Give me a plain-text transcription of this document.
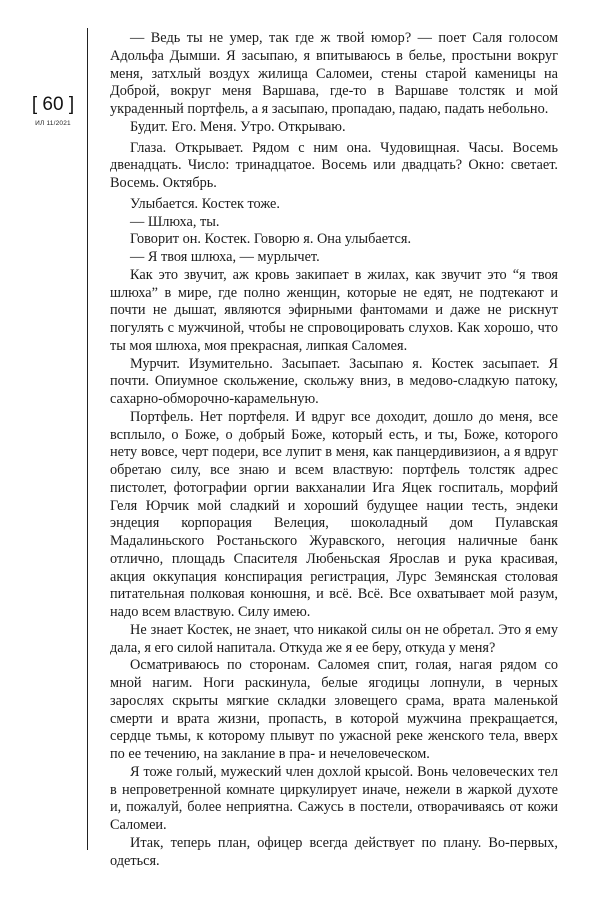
[ 60 ]
ИЛ 11/2021

— Ведь ты не умер, так где ж твой юмор? — поет Саля голосом Адольфа Дымши. Я засыпаю, я впитываюсь в белье, простыни вокруг меня, затхлый воздух жилища Саломеи, стены старой каменицы на Доброй, вокруг меня Варшава, где-то в Варшаве толстяк и мой украденный портфель, а я засыпаю, пропадаю, падаю, падать небольно.

Будит. Его. Меня. Утро. Открываю.

Глаза. Открывает. Рядом с ним она. Чудовищная. Часы. Восемь двенадцать. Число: тринадцатое. Восемь или двадцать? Окно: светает. Восемь. Октябрь.

Улыбается. Костек тоже.

— Шлюха, ты.

Говорит он. Костек. Говорю я. Она улыбается.

— Я твоя шлюха, — мурлычет.

Как это звучит, аж кровь закипает в жилах, как звучит это “я твоя шлюха” в мире, где полно женщин, которые не едят, не подтекают и почти не дышат, являются эфирными фантомами и даже не рискнут погулять с мужчиной, чтобы не спровоцировать слухов. Как хорошо, что ты моя шлюха, моя прекрасная, липкая Саломея.

Мурчит. Изумительно. Засыпает. Засыпаю я. Костек засыпает. Я почти. Опиумное скольжение, скольжу вниз, в медово-сладкую патоку, сахарно-обморочно-карамельную.

Портфель. Нет портфеля. И вдруг все доходит, дошло до меня, все всплыло, о Боже, о добрый Боже, который есть, и ты, Боже, которого нету вовсе, черт подери, все лупит в меня, как панцердивизион, а я вдруг обретаю силу, все знаю и всем властвую: портфель толстяк адрес пистолет, фотографии оргии вакханалии Ига Яцек госпиталь, морфий Геля Юрчик мой сладкий и хороший будущее нации тесть, эндеки эндеция корпорация Велеция, шоколадный дом Пулавская Мадалиньского Ростаньского Журавского, негоция наличные банк отлично, площадь Спасителя Любеньская Ярослав и рука красивая, акция оккупация конспирация регистрация, Лурс Земянская столовая питательная полковая конюшня, и всё. Всё. Все охватывает мой разум, надо всем властвую. Силу имею.

Не знает Костек, не знает, что никакой силы он не обретал. Это я ему дала, я его силой напитала. Откуда же я ее беру, откуда у меня?

Осматриваюсь по сторонам. Саломея спит, голая, нагая рядом со мной нагим. Ноги раскинула, белые ягодицы лопнули, в черных зарослях скрыты мягкие складки зловещего срама, врата маленькой смерти и врата жизни, пропасть, в которой мужчина прекращается, сердце тьмы, к которому плывут по ужасной реке женского тела, вверх по ее течению, на заклание в пра- и нечеловеческом.

Я тоже голый, мужеский член дохлой крысой. Вонь человеческих тел в непроветренной комнате циркулирует иначе, нежели в жаркой духоте и, пожалуй, более неприятна. Сажусь в постели, отворачиваясь от кожи Саломеи.

Итак, теперь план, офицер всегда действует по плану. Во-первых, одеться.
